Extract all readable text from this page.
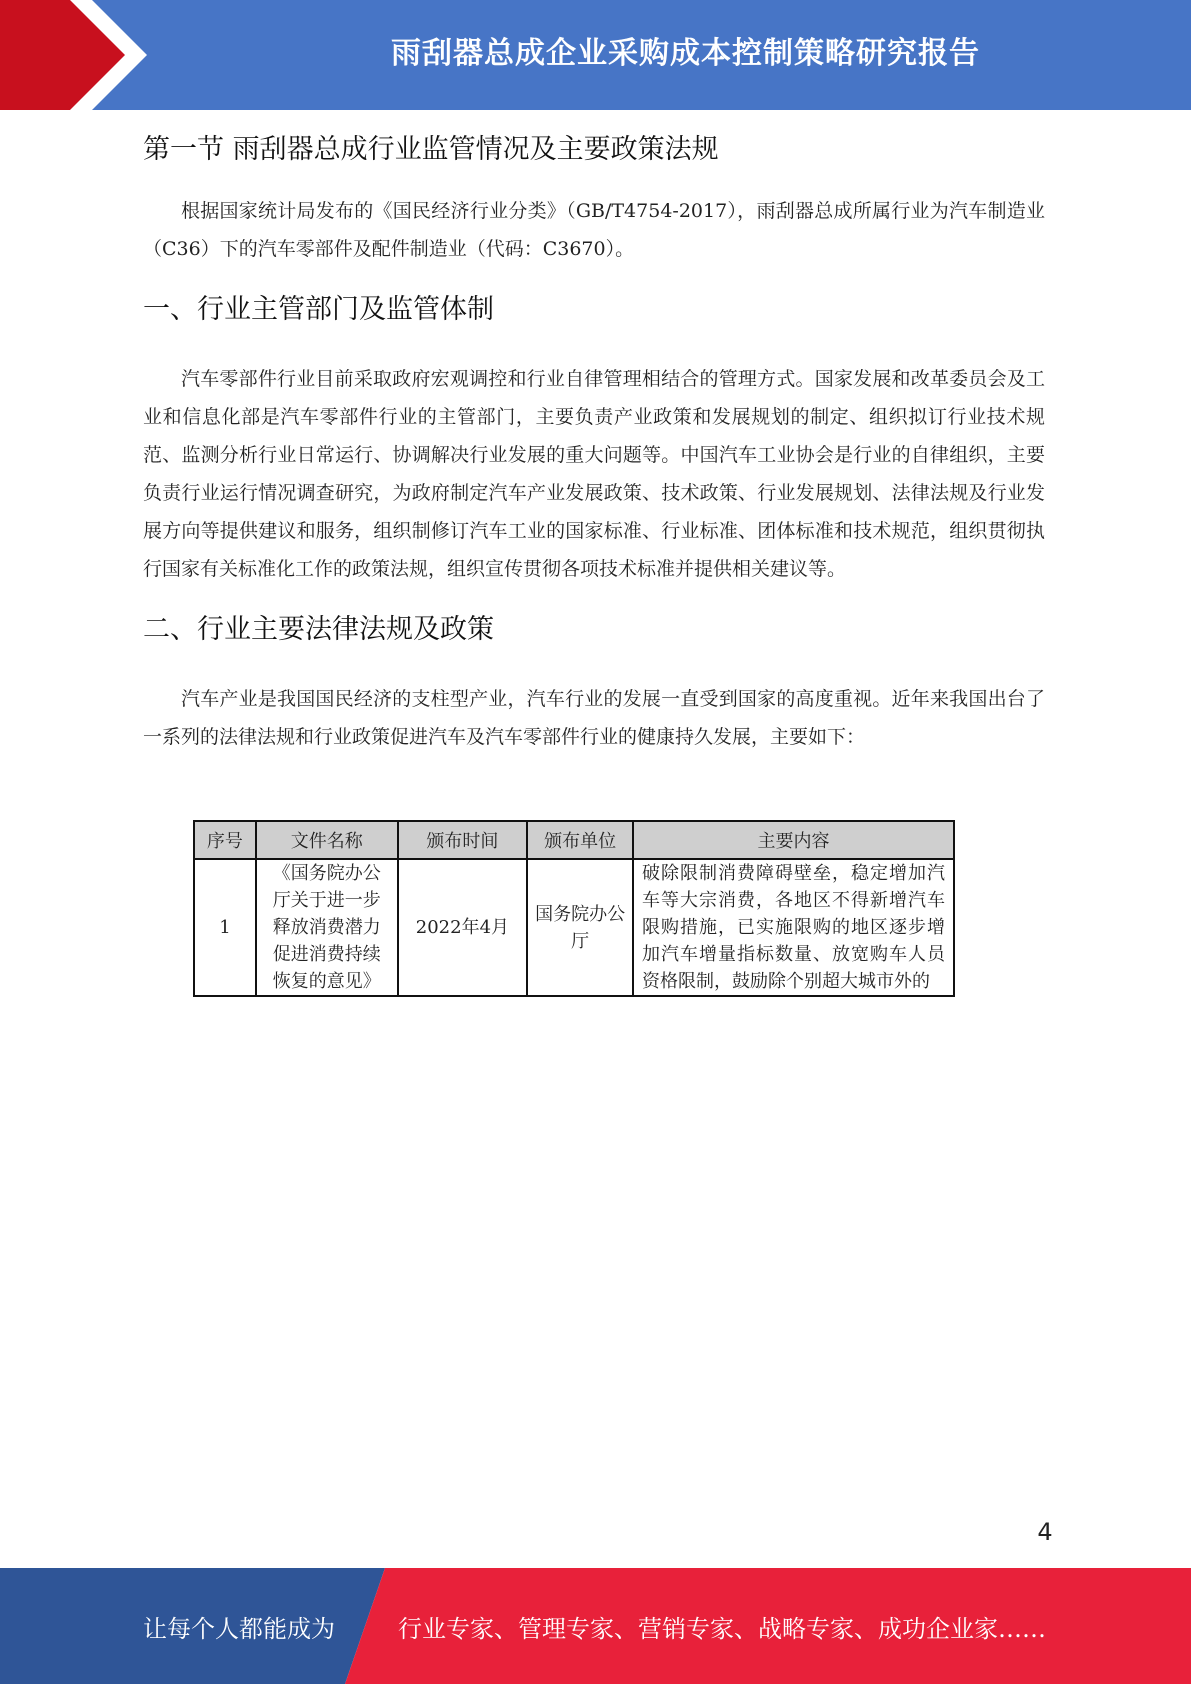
雨刮器总成企业采购成本控制策略研究报告
第一节 雨刮器总成行业监管情况及主要政策法规

根据国家统计局发布的《国民经济行业分类》（GB/T4754-2017），雨刮器总成所属行业为汽车制造业（C36）下的汽车零部件及配件制造业（代码：C3670）。

一、行业主管部门及监管体制

汽车零部件行业目前采取政府宏观调控和行业自律管理相结合的管理方式。国家发展和改革委员会及工业和信息化部是汽车零部件行业的主管部门，主要负责产业政策和发展规划的制定、组织拟订行业技术规范、监测分析行业日常运行、协调解决行业发展的重大问题等。中国汽车工业协会是行业的自律组织，主要负责行业运行情况调查研究，为政府制定汽车产业发展政策、技术政策、行业发展规划、法律法规及行业发展方向等提供建议和服务，组织制修订汽车工业的国家标准、行业标准、团体标准和技术规范，组织贯彻执行国家有关标准化工作的政策法规，组织宣传贯彻各项技术标准并提供相关建议等。

二、行业主要法律法规及政策

汽车产业是我国国民经济的支柱型产业，汽车行业的发展一直受到国家的高度重视。近年来我国出台了一系列的法律法规和行业政策促进汽车及汽车零部件行业的健康持久发展，主要如下：

序号	文件名称	颁布时间	颁布单位	主要内容
1	《国务院办公厅关于进一步释放消费潜力促进消费持续恢复的意见》	2022年4月	国务院办公厅	破除限制消费障碍壁垒，稳定增加汽车等大宗消费，各地区不得新增汽车限购措施，已实施限购的地区逐步增加汽车增量指标数量、放宽购车人员资格限制，鼓励除个别超大城市外的
4
让每个人都能成为	行业专家、管理专家、营销专家、战略专家、成功企业家……
